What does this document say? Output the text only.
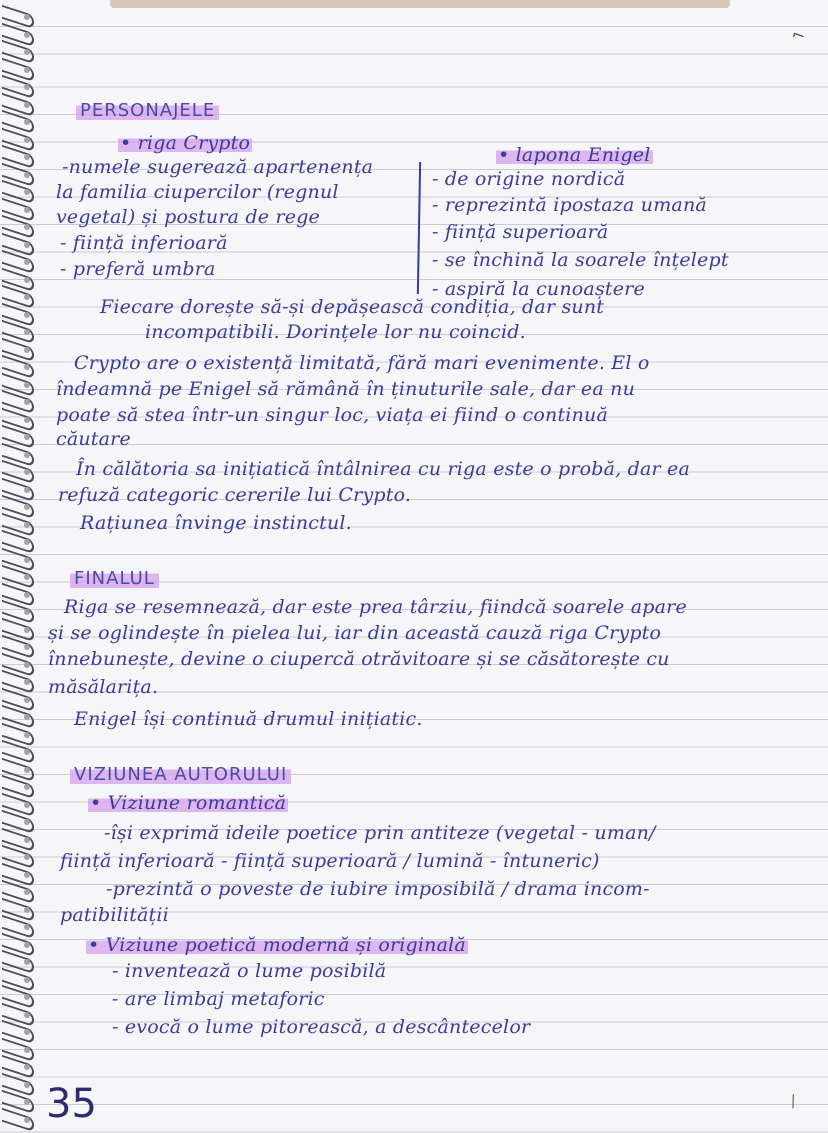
PERSONAJELE
• riga Crypto
• laponа Enigel
-numele sugerează apartenența
la familia ciupercilor (regnul
vegetal) și postura de rege
- ființă inferioară
- preferă umbra
- de origine nordică
- reprezintă ipostaza umană
- ființă superioară
- se închină la soarele înțelept
- aspiră la cunoaștere
Fiecare dorește să-și depășească condiția, dar sunt
incompatibili. Dorințele lor nu coincid.
Crypto are o existență limitată, fără mari evenimente. El o
îndeamnă pe Enigel să rămână în ținuturile sale, dar ea nu
poate să stea într-un singur loc, viața ei fiind o continuă
căutare
În călătoria sa inițiatică întâlnirea cu riga este o probă, dar ea
refuză categoric cererile lui Crypto.
Rațiunea învinge instinctul.
FINALUL
Riga se resemnează, dar este prea târziu, fiindcă soarele apare
și se oglindește în pielea lui, iar din această cauză riga Crypto
înnebunește, devine o ciupercă otrăvitoare și se căsătorește cu
măsălarița.
Enigel își continuă drumul inițiatic.
VIZIUNEA AUTORULUI
• Viziune romantică
-își exprimă ideile poetice prin antiteze (vegetal - uman/
ființă inferioară - ființă superioară / lumină - întuneric)
-prezintă o poveste de iubire imposibilă / drama incom-
patibilității
• Viziune poetică modernă și originală
- inventează o lume posibilă
- are limbaj metaforic
- evocă o lume pitorească, a descântecelor
35
⌐
⁄
